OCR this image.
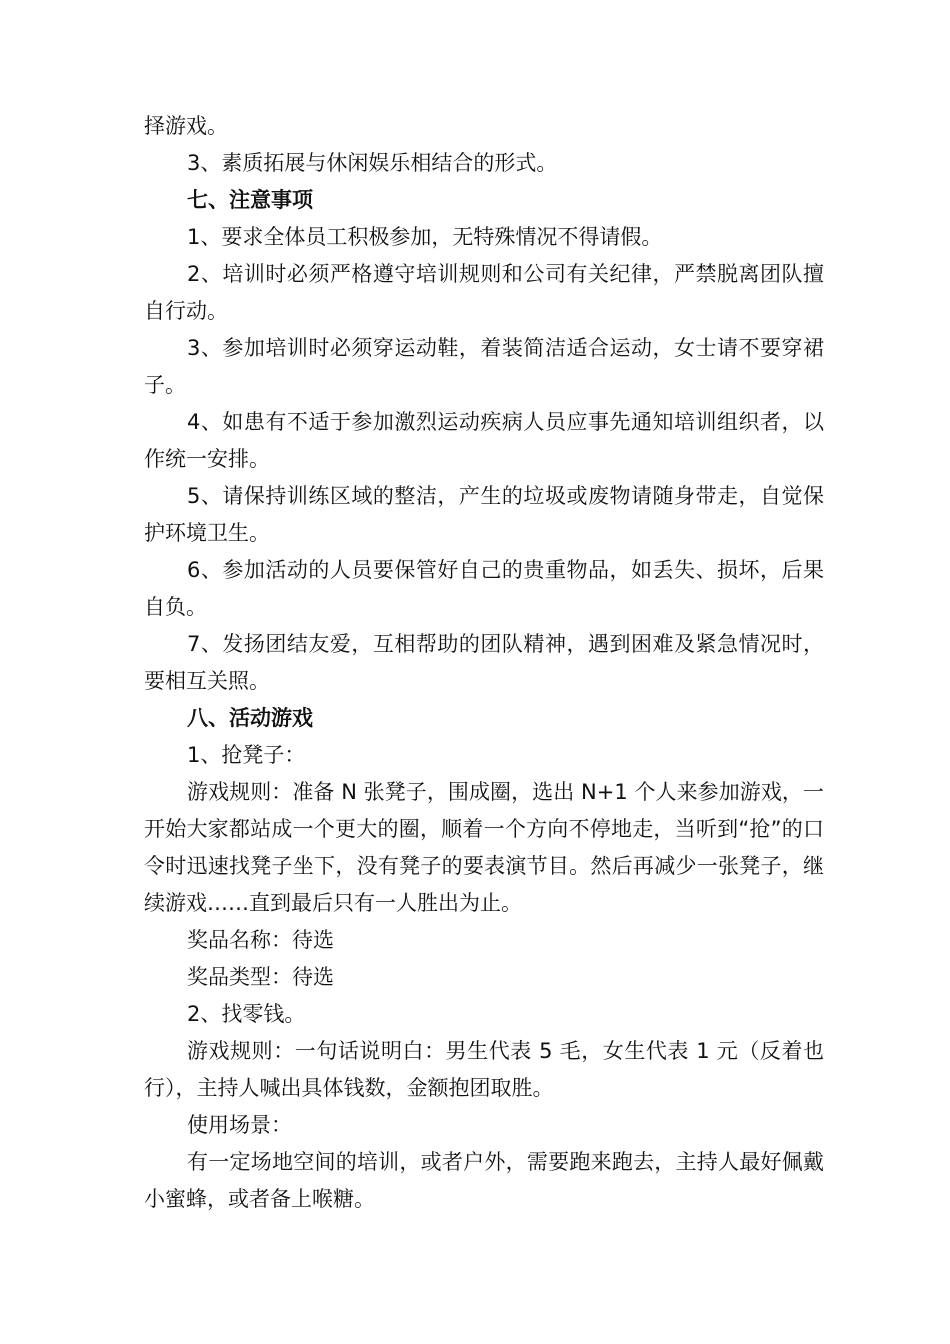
择游戏。

3、素质拓展与休闲娱乐相结合的形式。

七、注意事项

1、要求全体员工积极参加，无特殊情况不得请假。

2、培训时必须严格遵守培训规则和公司有关纪律，严禁脱离团队擅自行动。

3、参加培训时必须穿运动鞋，着装简洁适合运动，女士请不要穿裙子。

4、如患有不适于参加激烈运动疾病人员应事先通知培训组织者，以作统一安排。

5、请保持训练区域的整洁，产生的垃圾或废物请随身带走，自觉保护环境卫生。

6、参加活动的人员要保管好自己的贵重物品，如丢失、损坏，后果自负。

7、发扬团结友爱，互相帮助的团队精神，遇到困难及紧急情况时，要相互关照。

八、活动游戏

1、抢凳子：

游戏规则：准备 N 张凳子，围成圈，选出 N+1 个人来参加游戏，一开始大家都站成一个更大的圈，顺着一个方向不停地走，当听到“抢”的口令时迅速找凳子坐下，没有凳子的要表演节目。然后再减少一张凳子，继续游戏……直到最后只有一人胜出为止。

奖品名称：待选

奖品类型：待选

2、找零钱。

游戏规则：一句话说明白：男生代表 5 毛，女生代表 1 元（反着也行），主持人喊出具体钱数，金额抱团取胜。

使用场景：

有一定场地空间的培训，或者户外，需要跑来跑去，主持人最好佩戴小蜜蜂，或者备上喉糖。
